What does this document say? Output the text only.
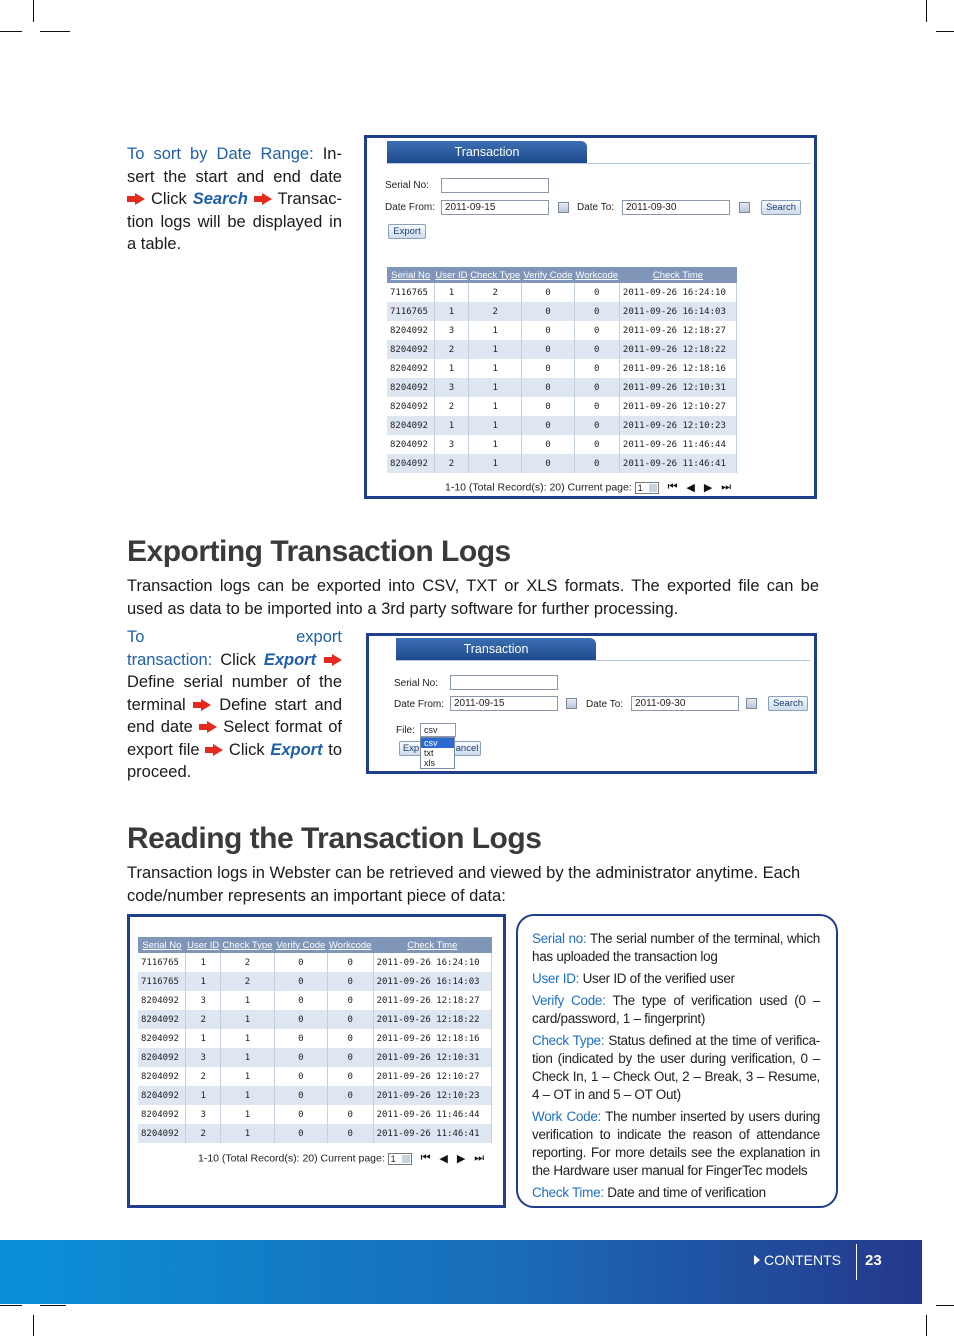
To sort by Date Range: In-sert the start and end date  Click Search Transac-tion logs will be displayed in a table.
Transaction
Serial No:
Date From: 2011-09-15	Date To:	2011-09-30	Search
Export
Serial No	User ID	Check Type	Verify Code	Workcode	Check Time
7116765	1	2	0	0	2011-09-26 16:24:10
7116765	1	2	0	0	2011-09-26 16:14:03
8204092	3	1	0	0	2011-09-26 12:18:27
8204092	2	1	0	0	2011-09-26 12:18:22
8204092	1	1	0	0	2011-09-26 12:18:16
8204092	3	1	0	0	2011-09-26 12:10:31
8204092	2	1	0	0	2011-09-26 12:10:27
8204092	1	1	0	0	2011-09-26 12:10:23
8204092	3	1	0	0	2011-09-26 11:46:44
8204092	2	1	0	0	2011-09-26 11:46:41
1-10 (Total Record(s): 20) Current page: 1 ⏮ ◀ ▶ ⏭
Exporting Transaction Logs
Transaction logs can be exported into CSV, TXT or XLS formats. The exported file can be used as data to be imported into a 3rd party software for further processing.
To export transaction: Click Export  Define serial number of the terminal Define start and end date Select format of export file Click Export to proceed.
Transaction
Serial No:
Date From: 2011-09-15	Date To:	2011-09-30	Search
File:	csv
Exp	ancel
csv
txt
xls
Reading the Transaction Logs
Transaction logs in Webster can be retrieved and viewed by the administrator anytime. Each code/number represents an important piece of data:
Serial No	User ID	Check Type	Verify Code	Workcode	Check Time
7116765	1	2	0	0	2011-09-26 16:24:10
7116765	1	2	0	0	2011-09-26 16:14:03
8204092	3	1	0	0	2011-09-26 12:18:27
8204092	2	1	0	0	2011-09-26 12:18:22
8204092	1	1	0	0	2011-09-26 12:18:16
8204092	3	1	0	0	2011-09-26 12:10:31
8204092	2	1	0	0	2011-09-26 12:10:27
8204092	1	1	0	0	2011-09-26 12:10:23
8204092	3	1	0	0	2011-09-26 11:46:44
8204092	2	1	0	0	2011-09-26 11:46:41
1-10 (Total Record(s): 20) Current page: 1 ⏮ ◀ ▶ ⏭

Serial no: The serial number of the terminal, which has uploaded the transaction log

User ID: User ID of the verified user

Verify Code: The type of verification used (0 – card/password, 1 – fingerprint)

Check Type: Status defined at the time of verifica-tion (indicated by the user during verification, 0 – Check In, 1 – Check Out, 2 – Break, 3 – Resume, 4 – OT in and 5 – OT Out)

Work Code: The number inserted by users during verification to indicate the reason of attendance reporting. For more details see the explanation in the Hardware user manual for FingerTec models

Check Time: Date and time of verification

CONTENTS 23
